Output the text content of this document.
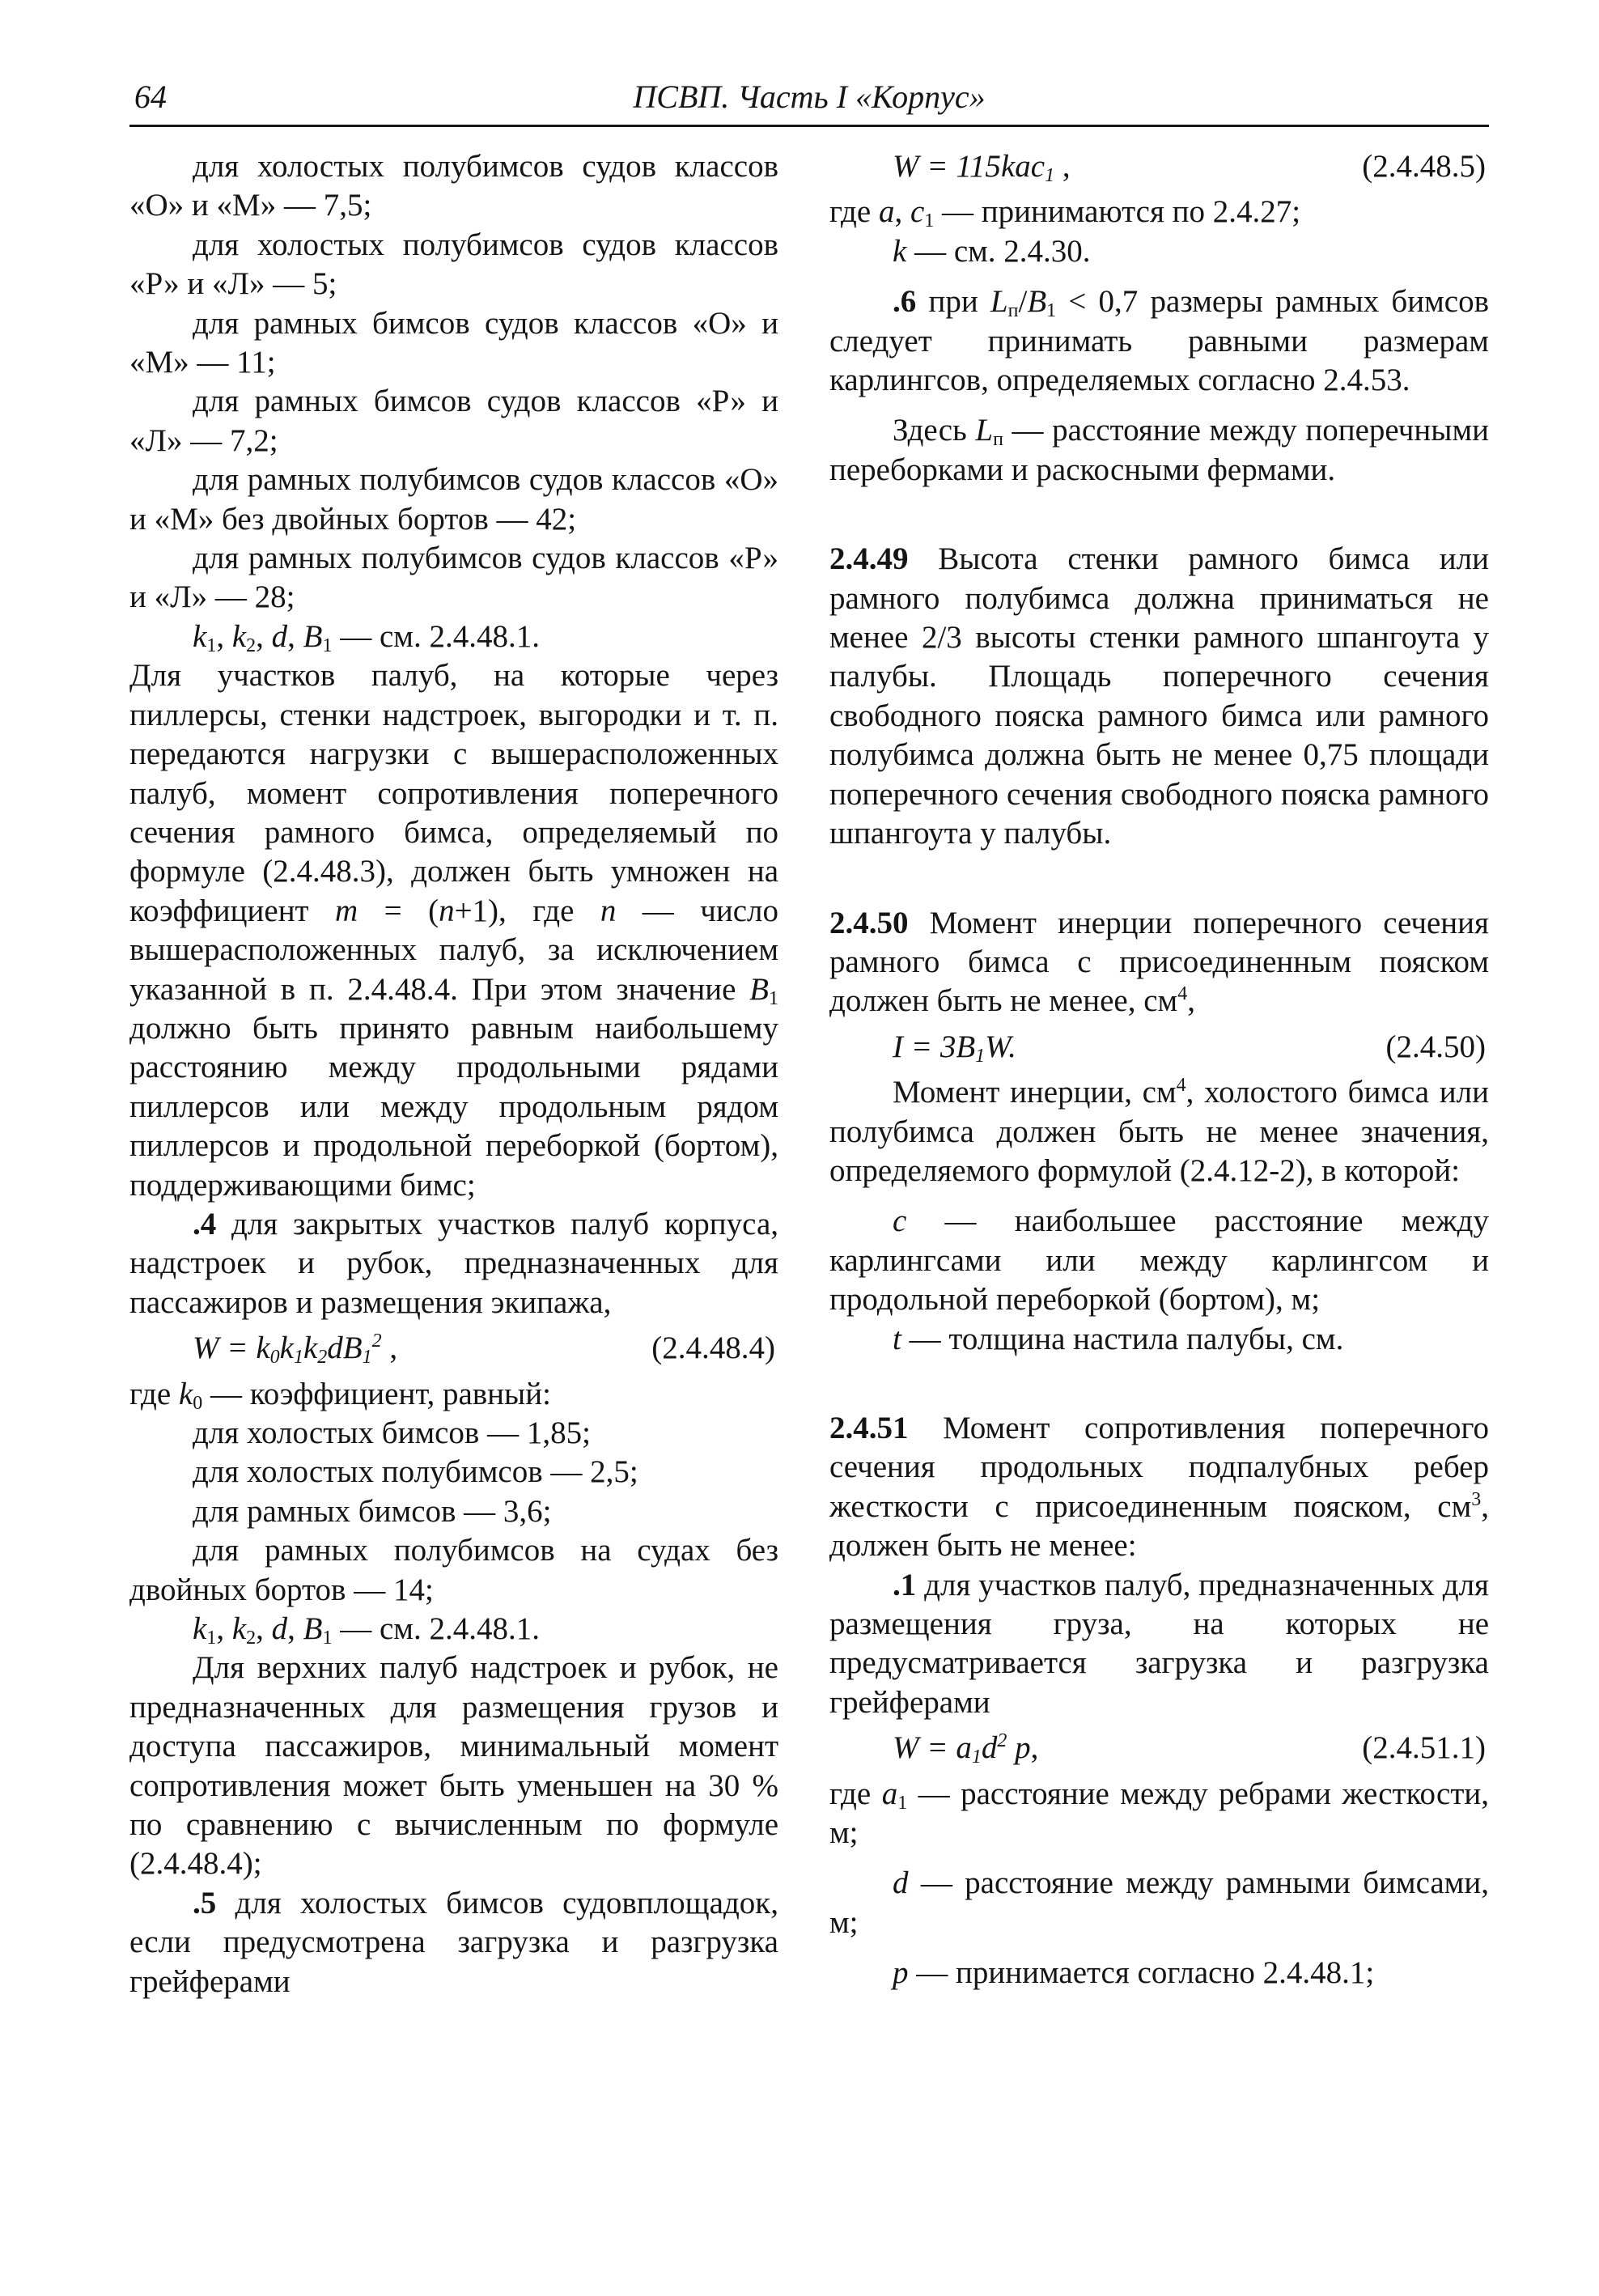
64	ПСВП. Часть I «Корпус»

для холостых полубимсов судов классов «О» и «М» — 7,5;

для холостых полубимсов судов классов «Р» и «Л» — 5;

для рамных бимсов судов классов «О» и «М» — 11;

для рамных бимсов судов классов «Р» и «Л» — 7,2;

для рамных полубимсов судов классов «О» и «М» без двойных бортов — 42;

для рамных полубимсов судов классов «Р» и «Л» — 28;

$k_1$, $k_2$, d, $B_1$ — см. 2.4.48.1.

Для участков палуб, на которые через пиллерсы, стенки надстроек, выгородки и т. п. передаются нагрузки с вышерасположенных палуб, момент сопротивления поперечного сечения рамного бимса, определяемый по формуле (2.4.48.3), должен быть умножен на коэффициент m = (n+1), где n — число вышерасположенных палуб, за исключением указанной в п. 2.4.48.4. При этом значение $B_1$ должно быть принято равным наибольшему расстоянию между продольными рядами пиллерсов или между продольным рядом пиллерсов и продольной переборкой (бортом), поддерживающими бимс;

.4 для закрытых участков палуб корпуса, надстроек и рубок, предназначенных для пассажиров и размещения экипажа,

$W = k_0k_1k_2dB_1^2$ ,	(2.4.48.4)

где $k_0$ — коэффициент, равный:

для холостых бимсов — 1,85;

для холостых полубимсов — 2,5;

для рамных бимсов — 3,6;

для рамных полубимсов на судах без двойных бортов — 14;

$k_1$, $k_2$, d, $B_1$ — см. 2.4.48.1.

Для верхних палуб надстроек и рубок, не предназначенных для размещения грузов и доступа пассажиров, минимальный момент сопротивления может быть уменьшен на 30 % по сравнению с вычисленным по формуле (2.4.48.4);

.5 для холостых бимсов судовплощадок, если предусмотрена загрузка и разгрузка грейферами

W = 115kac$_1$ ,	(2.4.48.5)

где a, $c_1$ — принимаются по 2.4.27;

k — см. 2.4.30.

.6 при $L_п/B_1 < 0,7$ размеры рамных бимсов следует принимать равными размерам карлингсов, определяемых согласно 2.4.53.

Здесь $L_п$ — расстояние между поперечными переборками и раскосными фермами.

2.4.49 Высота стенки рамного бимса или рамного полубимса должна приниматься не менее 2/3 высоты стенки рамного шпангоута у палубы. Площадь поперечного сечения свободного пояска рамного бимса или рамного полубимса должна быть не менее 0,75 площади поперечного сечения свободного пояска рамного шпангоута у палубы.

2.4.50 Момент инерции поперечного сечения рамного бимса с присоединенным пояском должен быть не менее, $см^4$,

$I = 3B_1W$.	(2.4.50)

Момент инерции, $см^4$, холостого бимса или полубимса должен быть не менее значения, определяемого формулой (2.4.12-2), в которой:

c — наибольшее расстояние между карлингсами или между карлингсом и продольной переборкой (бортом), м;

t — толщина настила палубы, см.

2.4.51 Момент сопротивления поперечного сечения продольных подпалубных ребер жесткости с присоединенным пояском, $см^3$, должен быть не менее:

.1 для участков палуб, предназначенных для размещения груза, на которых не предусматривается загрузка и разгрузка грейферами

$W = a_1d^2$ p,	(2.4.51.1)

где $a_1$ — расстояние между ребрами жесткости, м;

d — расстояние между рамными бимсами, м;

p — принимается согласно 2.4.48.1;
